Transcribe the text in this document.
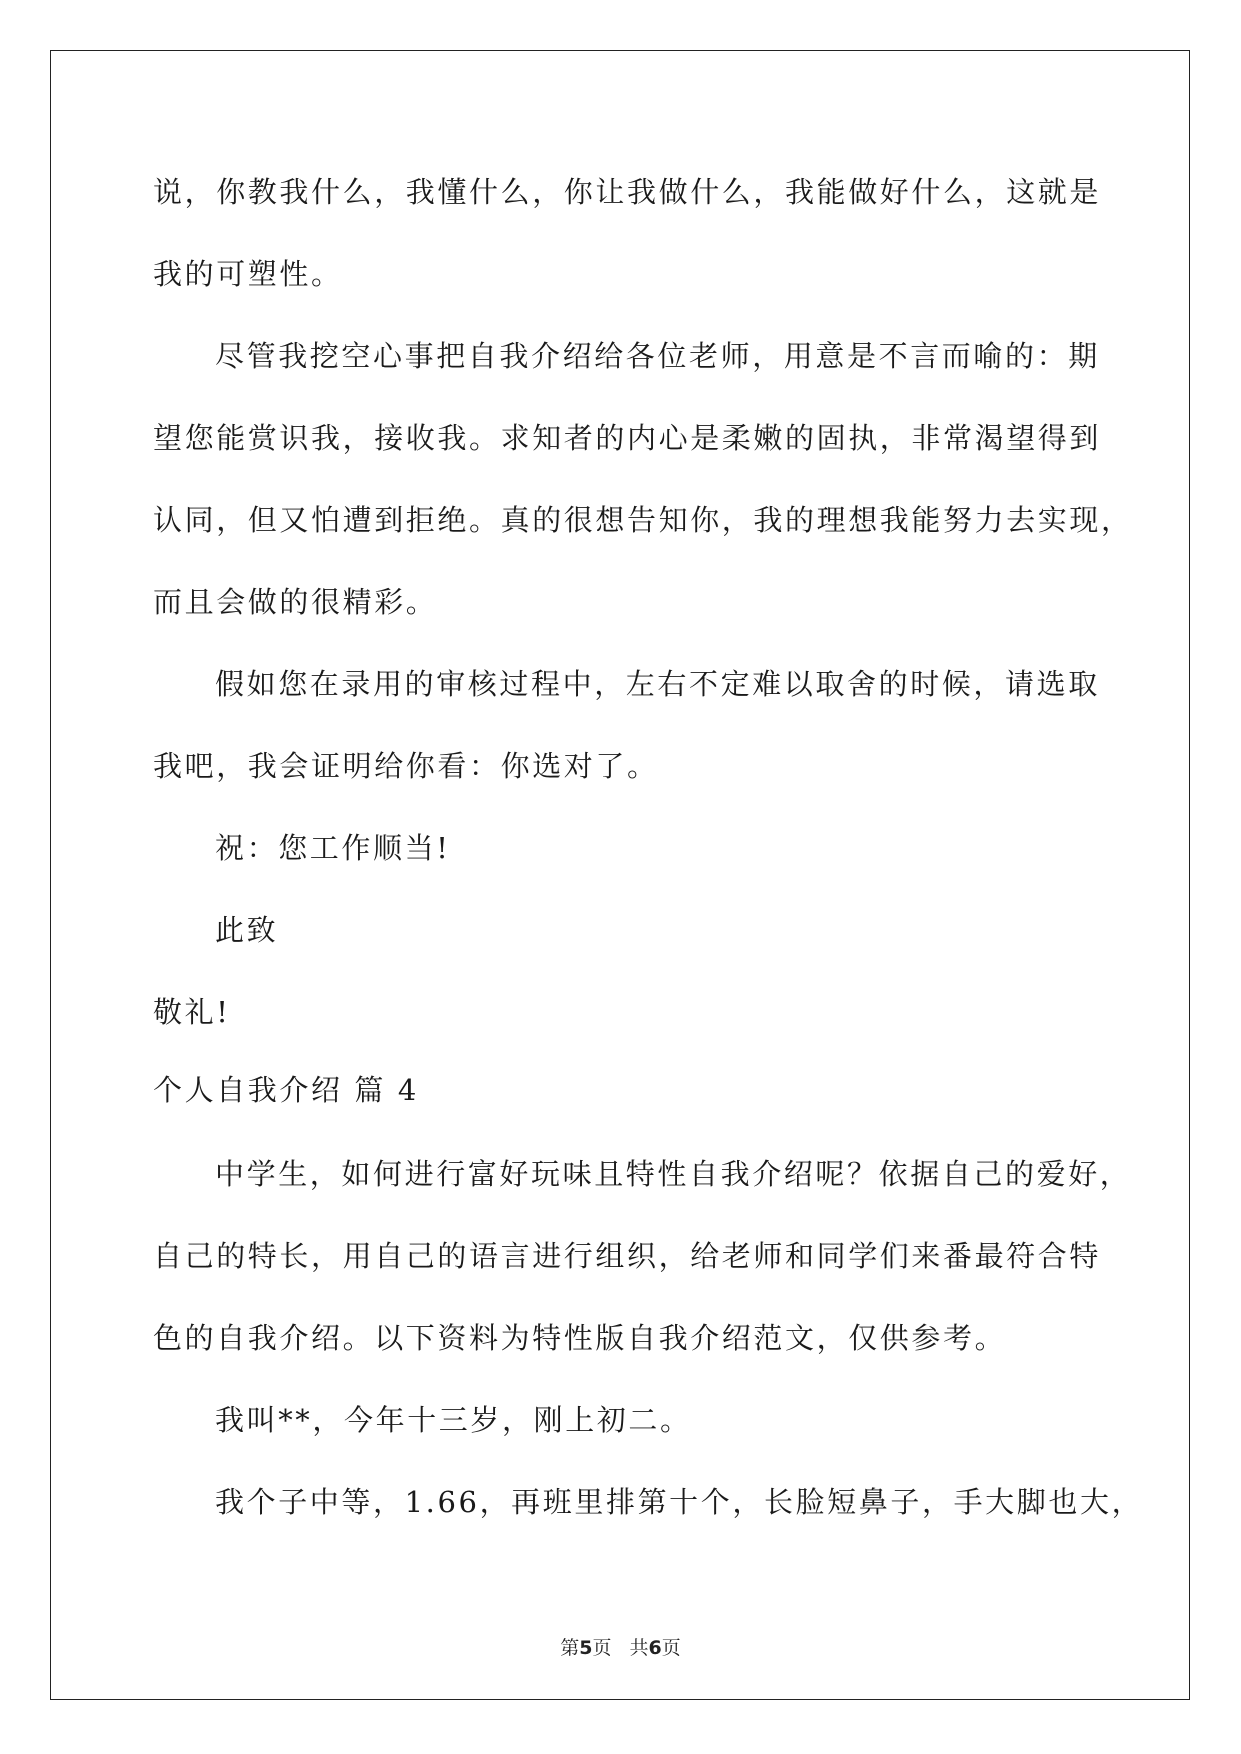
说，你教我什么，我懂什么，你让我做什么，我能做好什么，这就是
我的可塑性。
尽管我挖空心事把自我介绍给各位老师，用意是不言而喻的：期
望您能赏识我，接收我。求知者的内心是柔嫩的固执，非常渴望得到
认同，但又怕遭到拒绝。真的很想告知你，我的理想我能努力去实现，
而且会做的很精彩。
假如您在录用的审核过程中，左右不定难以取舍的时候，请选取
我吧，我会证明给你看：你选对了。
祝：您工作顺当!
此致
敬礼!
个人自我介绍 篇 4
中学生，如何进行富好玩味且特性自我介绍呢？依据自己的爱好，
自己的特长，用自己的语言进行组织，给老师和同学们来番最符合特
色的自我介绍。以下资料为特性版自我介绍范文，仅供参考。
我叫**，今年十三岁，刚上初二。
我个子中等，1.66，再班里排第十个，长脸短鼻子，手大脚也大，
第5页 共6页
